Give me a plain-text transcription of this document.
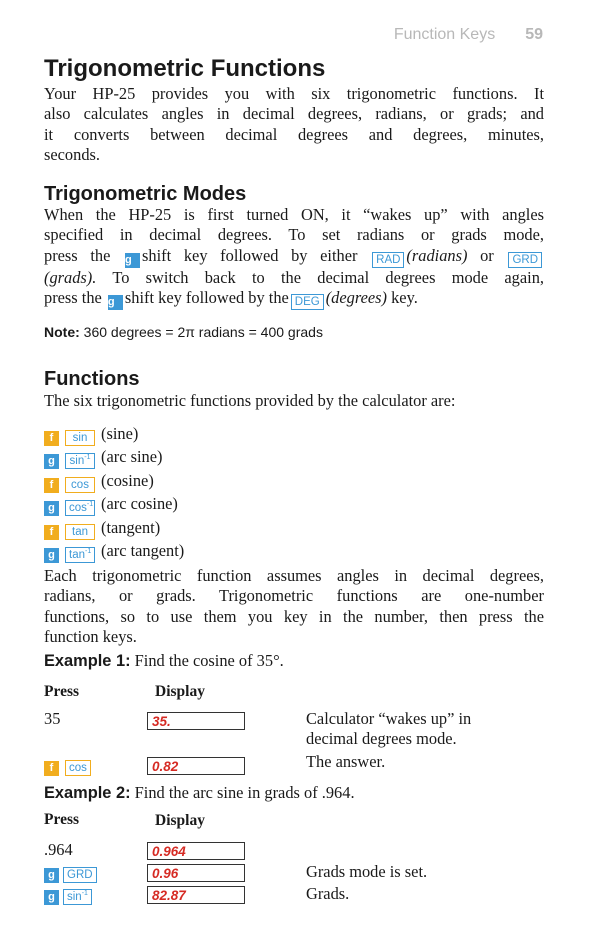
Function Keys 59
Trigonometric Functions
Your HP-25 provides you with six trigonometric functions. It
also calculates angles in decimal degrees, radians, or grads; and
it converts between decimal degrees and degrees, minutes,
seconds.
Trigonometric Modes
When the HP-25 is first turned ON, it “wakes up” with angles
specified in decimal degrees. To set radians or grads mode,
press the g shift key followed by either RAD (radians) or GRD
(grads). To switch back to the decimal degrees mode again,
press the g shift key followed by the DEG (degrees) key.
Note: 360 degrees = 2π radians = 400 grads
Functions
The six trigonometric functions provided by the calculator are:
f sin (sine)
g $\sin^{-1} (arc$ sine)
f cos (cosine)
g $\cos^{-1} (arc$ cosine)
f tan (tangent)
g $\tan^{-1} (arc$ tangent)
Each trigonometric function assumes angles in decimal degrees,
radians, or grads. Trigonometric functions are one-number
functions, so to use them you key in the number, then press the
function keys.
Example 1: Find the cosine of 35°.
Press	Display
35	35.	Calculator “wakes up” in
decimal degrees mode.
f cos	0.82	The answer.
Example 2: Find the arc sine in grads of .964.
Press	Display
.964	0.964
g GRD	0.96	Grads mode is set.
g $\sin^{-1}$	82.87	Grads.
